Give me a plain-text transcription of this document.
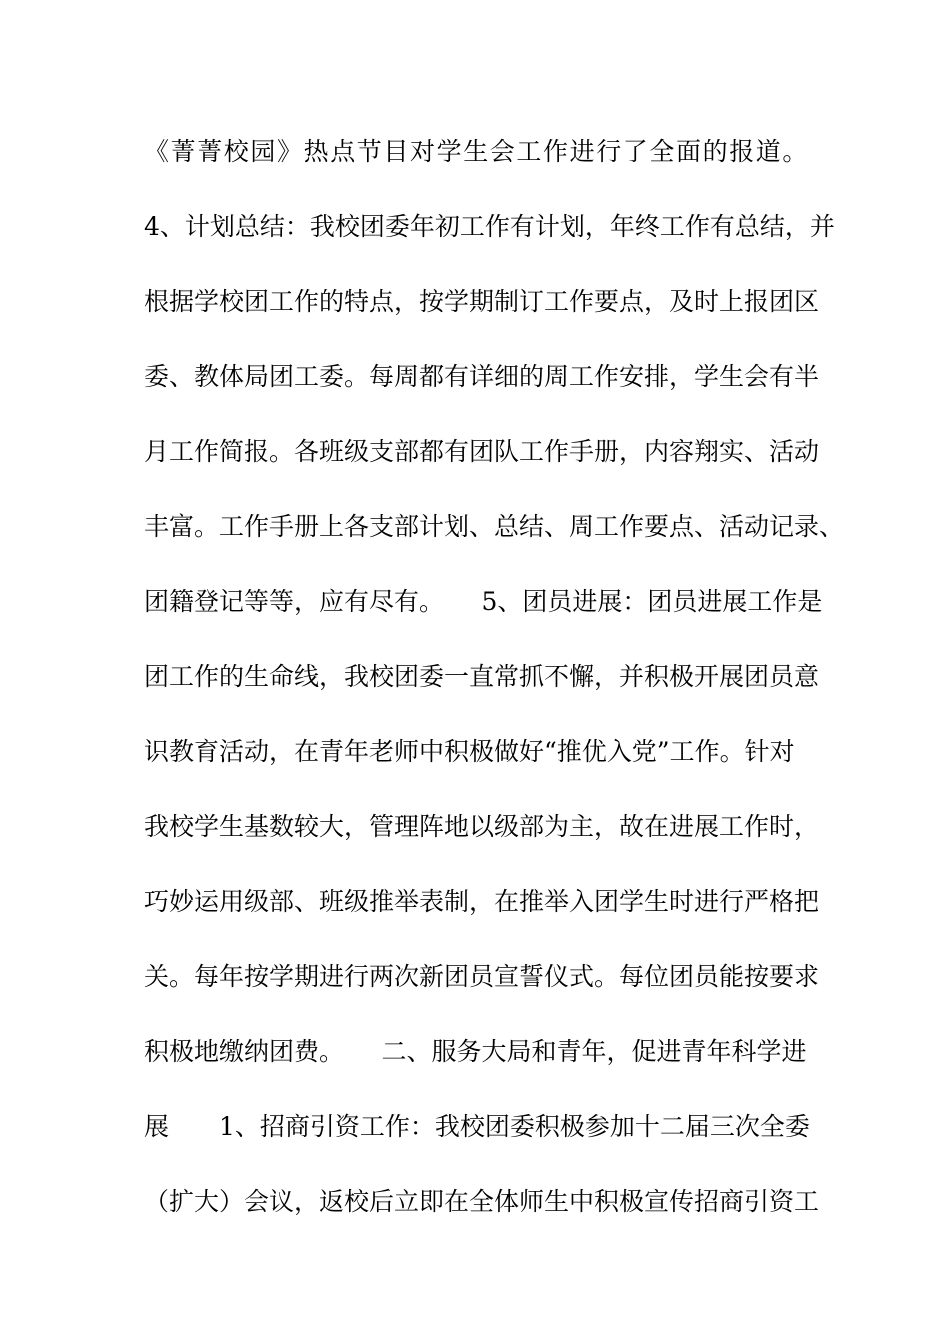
《菁菁校园》热点节目对学生会工作进行了全面的报道。
4、计划总结：我校团委年初工作有计划，年终工作有总结，并
根据学校团工作的特点，按学期制订工作要点，及时上报团区
委、教体局团工委。每周都有详细的周工作安排，学生会有半
月工作简报。各班级支部都有团队工作手册，内容翔实、活动
丰富。工作手册上各支部计划、总结、周工作要点、活动记录、
团籍登记等等，应有尽有。　　5、团员进展：团员进展工作是
团工作的生命线，我校团委一直常抓不懈，并积极开展团员意
识教育活动，在青年老师中积极做好“推优入党”工作。针对
我校学生基数较大，管理阵地以级部为主，故在进展工作时，
巧妙运用级部、班级推举表制，在推举入团学生时进行严格把
关。每年按学期进行两次新团员宣誓仪式。每位团员能按要求
积极地缴纳团费。　　二、服务大局和青年，促进青年科学进
展　　1、招商引资工作：我校团委积极参加十二届三次全委
（扩大）会议，返校后立即在全体师生中积极宣传招商引资工
